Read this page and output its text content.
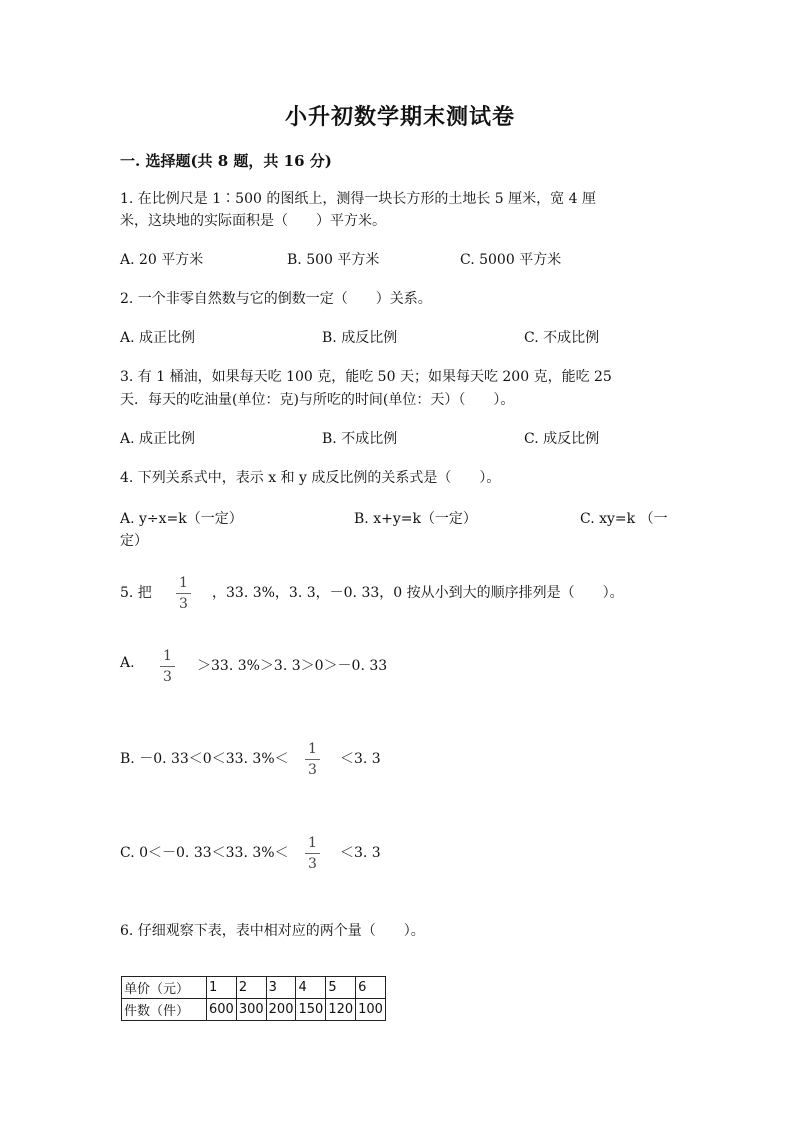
小升初数学期末测试卷
一. 选择题(共 8 题，共 16 分)
1. 在比例尺是 1∶500 的图纸上，测得一块长方形的土地长 5 厘米，宽 4 厘
米，这块地的实际面积是（　　）平方米。
A. 20 平方米	B. 500 平方米	C. 5000 平方米
2. 一个非零自然数与它的倒数一定（　　）关系。
A. 成正比例	B. 成反比例	C. 不成比例
3. 有 1 桶油，如果每天吃 100 克，能吃 50 天；如果每天吃 200 克，能吃 25
天．每天的吃油量(单位：克)与所吃的时间(单位：天）（　　）。
A. 成正比例	B. 不成比例	C. 成反比例
4. 下列关系式中，表示 x 和 y 成反比例的关系式是（　　）。
A. y÷x=k（一定）	B. x+y=k（一定）	C. xy=k （一
定）
5. 把 $\frac{1}{3}$ ，33. 3%，3. 3，－0. 33，0 按从小到大的顺序排列是（　　）。
A. $\frac{1}{3} >33$. 3%＞3. 3＞0＞－0. 33
B. －0. 33＜0＜33. $3\%< \frac{1}{3} <3$. 3
C. 0＜－0. 33＜33. $3\%< \frac{1}{3} <3$. 3
6. 仔细观察下表，表中相对应的两个量（　　）。
单价（元）	1	2	3	4	5	6
件数（件）	600	300	200	150	120	100
